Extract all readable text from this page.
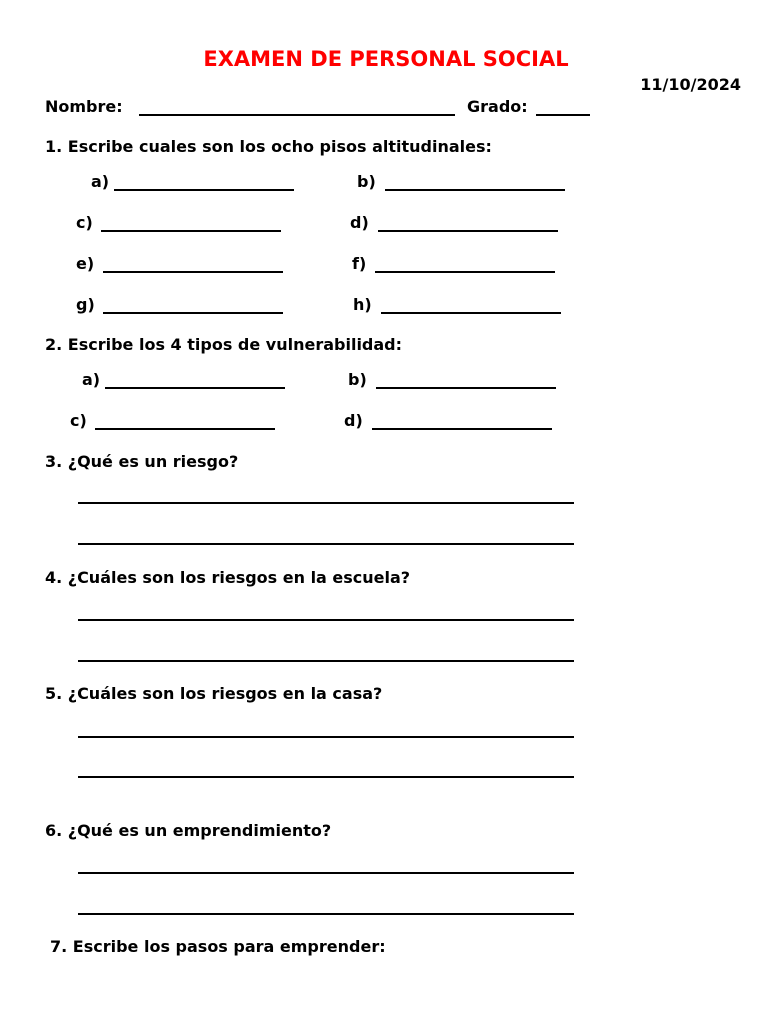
EXAMEN DE PERSONAL SOCIAL
11/10/2024
Nombre:	Grado:
1. Escribe cuales son los ocho pisos altitudinales:
a)	b)
c)	d)
e)	f)
g)	h)
2. Escribe los 4 tipos de vulnerabilidad:
a)	b)
c)	d)
3. ¿Qué es un riesgo?
4. ¿Cuáles son los riesgos en la escuela?
5. ¿Cuáles son los riesgos en la casa?
6. ¿Qué es un emprendimiento?
7. Escribe los pasos para emprender:
